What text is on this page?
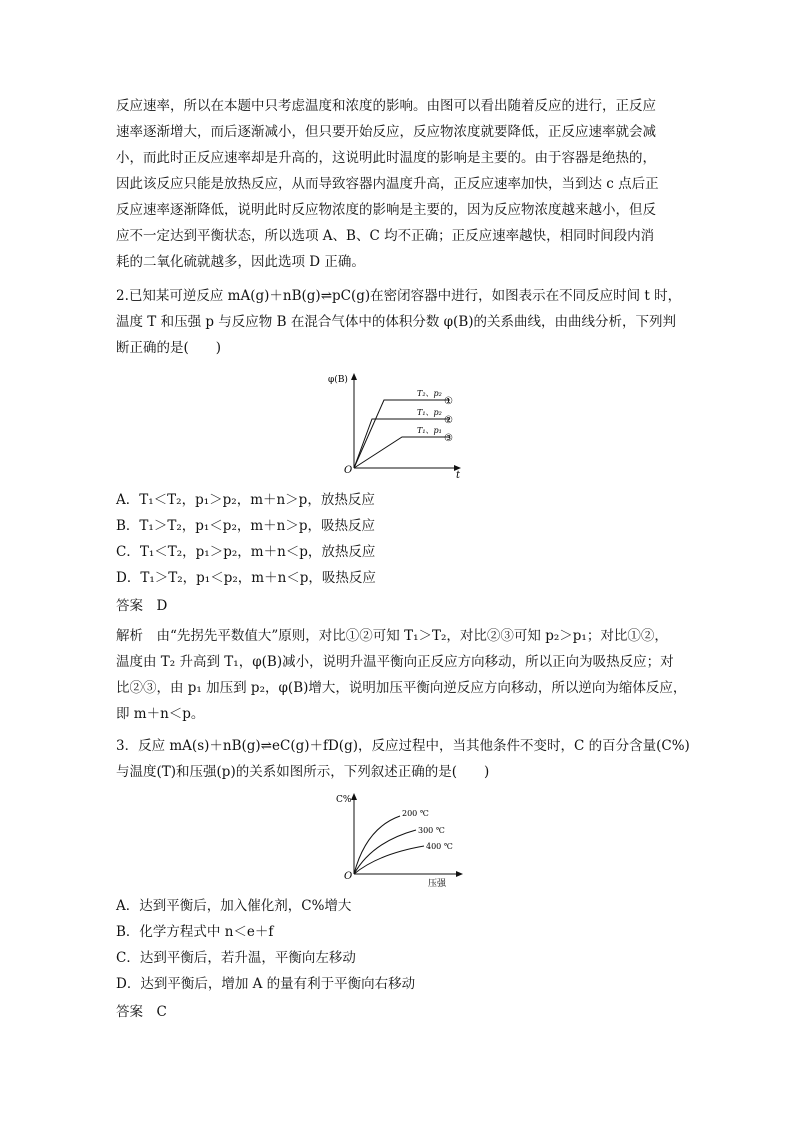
反应速率，所以在本题中只考虑温度和浓度的影响。由图可以看出随着反应的进行，正反应
速率逐渐增大，而后逐渐减小，但只要开始反应，反应物浓度就要降低，正反应速率就会减
小，而此时正反应速率却是升高的，这说明此时温度的影响是主要的。由于容器是绝热的，
因此该反应只能是放热反应，从而导致容器内温度升高，正反应速率加快，当到达 c 点后正
反应速率逐渐降低，说明此时反应物浓度的影响是主要的，因为反应物浓度越来越小，但反
应不一定达到平衡状态，所以选项 A、B、C 均不正确；正反应速率越快，相同时间段内消
耗的二氧化硫就越多，因此选项 D 正确。
2.已知某可逆反应 mA(g)＋nB(g)⇌pC(g)在密闭容器中进行，如图表示在不同反应时间 t 时，
温度 T 和压强 p 与反应物 B 在混合气体中的体积分数 φ(B)的关系曲线，由曲线分析，下列判
断正确的是(　　)
φ(B)
t
O
T₂、p₂
①
T₁、p₂
②
T₁、p₁
③
A．T₁＜T₂，p₁＞p₂，m＋n＞p，放热反应
B．T₁＞T₂，p₁＜p₂，m＋n＞p，吸热反应
C．T₁＜T₂，p₁＞p₂，m＋n＜p，放热反应
D．T₁＞T₂，p₁＜p₂，m＋n＜p，吸热反应
答案　D
解析　由“先拐先平数值大”原则，对比①②可知 T₁＞T₂，对比②③可知 p₂＞p₁；对比①②，
温度由 T₂ 升高到 T₁，φ(B)减小，说明升温平衡向正反应方向移动，所以正向为吸热反应；对
比②③，由 p₁ 加压到 p₂，φ(B)增大，说明加压平衡向逆反应方向移动，所以逆向为缩体反应，
即 m＋n＜p。
3．反应 mA(s)＋nB(g)⇌eC(g)＋fD(g)，反应过程中，当其他条件不变时，C 的百分含量(C%)
与温度(T)和压强(p)的关系如图所示，下列叙述正确的是(　　)
C%
压强
O
200 ℃
300 ℃
400 ℃
A．达到平衡后，加入催化剂，C%增大
B．化学方程式中 n＜e＋f
C．达到平衡后，若升温，平衡向左移动
D．达到平衡后，增加 A 的量有利于平衡向右移动
答案　C
